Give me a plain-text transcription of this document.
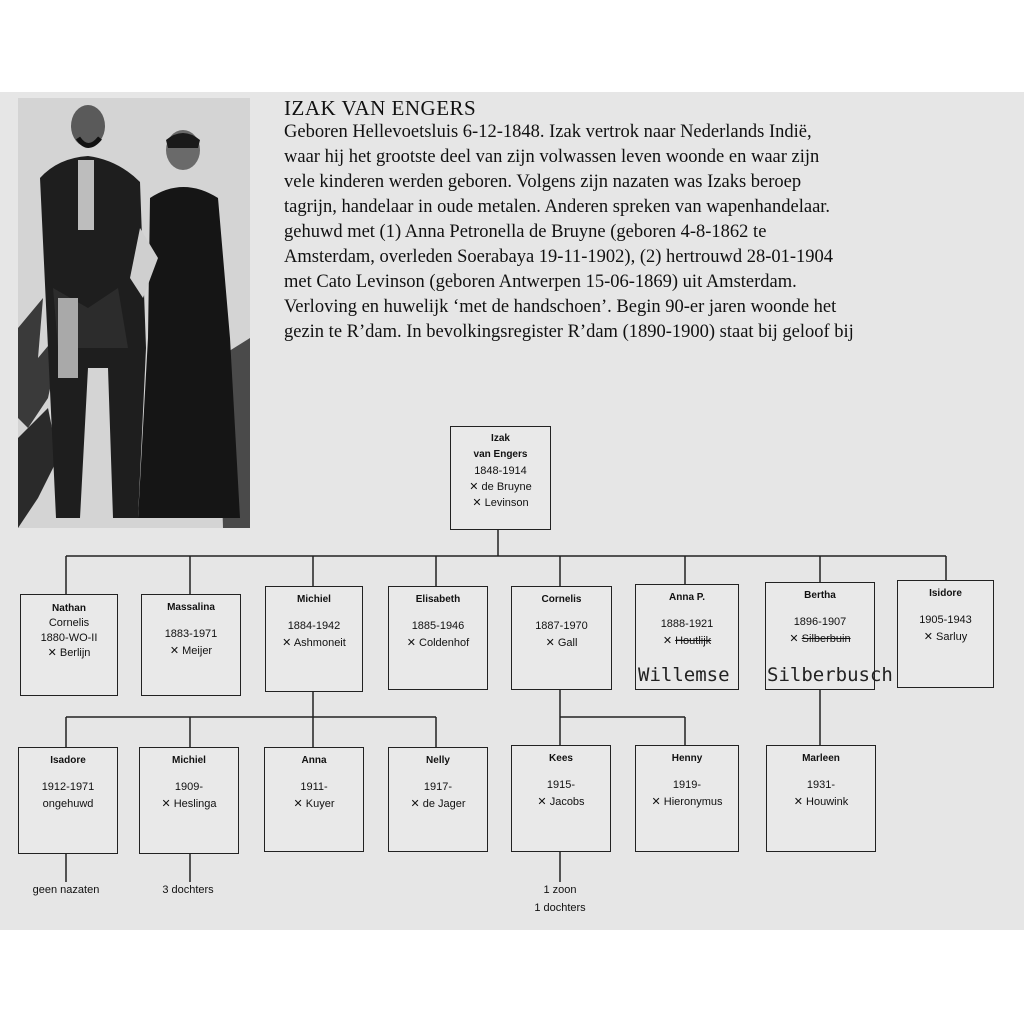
IZAK VAN ENGERS
Geboren Hellevoetsluis 6-12-1848. Izak vertrok naar Nederlands Indië,
waar hij het grootste deel van zijn volwassen leven woonde en waar zijn
vele kinderen werden geboren. Volgens zijn nazaten was Izaks beroep
tagrijn, handelaar in oude metalen. Anderen spreken van wapenhandelaar.
gehuwd met (1) Anna Petronella de Bruyne (geboren 4-8-1862 te
Amsterdam, overleden Soerabaya 19-11-1902), (2) hertrouwd 28-01-1904
met Cato Levinson (geboren Antwerpen 15-06-1869) uit Amsterdam.
Verloving en huwelijk ‘met de handschoen’. Begin 90-er jaren woonde het
gezin te R’dam. In bevolkingsregister R’dam (1890-1900) staat bij geloof bij
Izak
van Engers
1848-1914
✕ de Bruyne
✕ Levinson
Nathan
Cornelis
1880-WO-II
✕ Berlijn
Massalina
1883-1971
✕ Meijer
Michiel
1884-1942
✕ Ashmoneit
Elisabeth
1885-1946
✕ Coldenhof
Cornelis
1887-1970
✕ Gall
Anna P.
1888-1921
✕ Houtlijk
Willemse
Bertha
1896-1907
✕ Silberbuin
Silberbusch
Isidore
1905-1943
✕ Sarluy
Isadore
1912-1971
ongehuwd
Michiel
1909-
✕ Heslinga
Anna
1911-
✕ Kuyer
Nelly
1917-
✕ de Jager
Kees
1915-
✕ Jacobs
Henny
1919-
✕ Hieronymus
Marleen
1931-
✕ Houwink
geen nazaten	3 dochters	1 zoon
1 dochters
